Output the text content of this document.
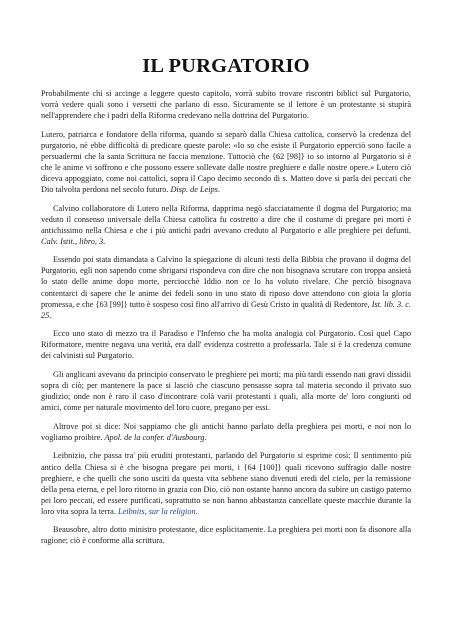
IL PURGATORIO

Probabilmente chi si accinge a leggere questo capitolo, vorrà subito trovare riscontri biblici sul Purgatorio, vorrà vedere quali sono i versetti che parlano di esso. Sicuramente se il lettore è un protestante si stupirà nell'apprendere che i padri della Riforma credevano nella dottrina del Purgatorio.

Lutero, patriarca e fondatore della riforma, quando si separò dalla Chiesa cattolica, conservò la credenza del purgatorio, nè ebbe difficoltà di predicare queste parole: «Io so che esiste il Purgatorio epperciò sono facile a persuadermi che la santa Scrittura ne faccia menzione. Tuttociò che {62 [98]} io so intorno al Purgatorio si è che le anime vi soffrono e che possono essere sollevate dalle nostre preghiere e dalle nostre opere.» Lutero ciò diceva appoggiato, come noi cattolici, sopra il Capo decimo secondo di s. Matteo dove si parla dei peccati che Dio talvolta perdona nel secolo futuro. Disp. de Leips.

Calvino collaboratore di Lutero nella Riforma, dapprima negò sfacciatamente il dogma del Purgatorio; ma veduto il consenso universale della Chiesa cattolica fu costretto a dire che il costume di pregare pei morti è antichissimo nella Chiesa e che i più antichi padri avevano creduto al Purgatorio e alle preghiere pei defunti. Calv. Istit., libro, 3.

Essendo poi stata dimandata a Calvino la spiegazione di alcuni testi della Bibbia che provano il dogma del Purgatorio, egli non sapendo come sbrigarsi rispondeva con dire che non bisognava scrutare con troppa ansietà lo stato delle anime dopo morte, perciocchè Iddio non ce lo ha voluto rivelare. Che perciò bisognava contentarci di sapere che le anime dei fedeli sono in uno stato di riposo dove attendono con gioia la gloria promessa, e che {63 [99]} tutto è sospeso così fino all'arrivo di Gesù Cristo in qualità di Redentore, Ist. lib. 3. c. 25.

Ecco uno stato di mezzo tra il Paradiso e l'Inferno che ha molta analogia col Purgatorio. Così quel Capo Riformatore, mentre negava una verità, era dall' evidenza costretto a professarla. Tale si è la credenza comune dei calvinisti sul Purgatorio.

Gli anglicani avevano da principio conservato le preghiere pei morti; ma più tardi essendo nati gravi dissidii sopra di ciò; per mantenere la pace si lasciò che ciascuno pensasse sopra tal materia secondo il privato suo giudizio; onde non è raro il caso d'incontrare colà varii protestanti i quali, alla morte de' loro congiunti od amici, come per naturale movimento del loro cuore, pregano per essi.

Altrove poi si dice: Noi sappiamo che gli antichi hanno parlato della preghiera pei morti, e noi non lo vogliamo proibire. Apol. de la confer. d'Ausbourg.

Leibnizio, che passa tra' più eruditi protestanti, parlando del Purgatorio si esprime così: Il sentimento più antico della Chiesa si è che bisogna pregare pei morti, i {64 [100]} quali ricevono suffragio dalle nostre preghiere, e che quelli che sono usciti da questa vita sebbene siano divenuti eredi del cielo, per la remissione della pena eterna, e pel loro ritorno in grazia con Dio, ciò non ostante hanno ancora da subire un castigo paterno pei loro peccati, ed essere purificati, soprattutto se non hanno abbastanza cancellate queste macchie durante la loro vita sopra la terra. Leibnits, sur la religion.

Beausobre, altro dotto ministro protestante, dice esplicitamente. La preghiera pei morti non fa disonore alla ragione; ciò è conforme alla scrittura.
